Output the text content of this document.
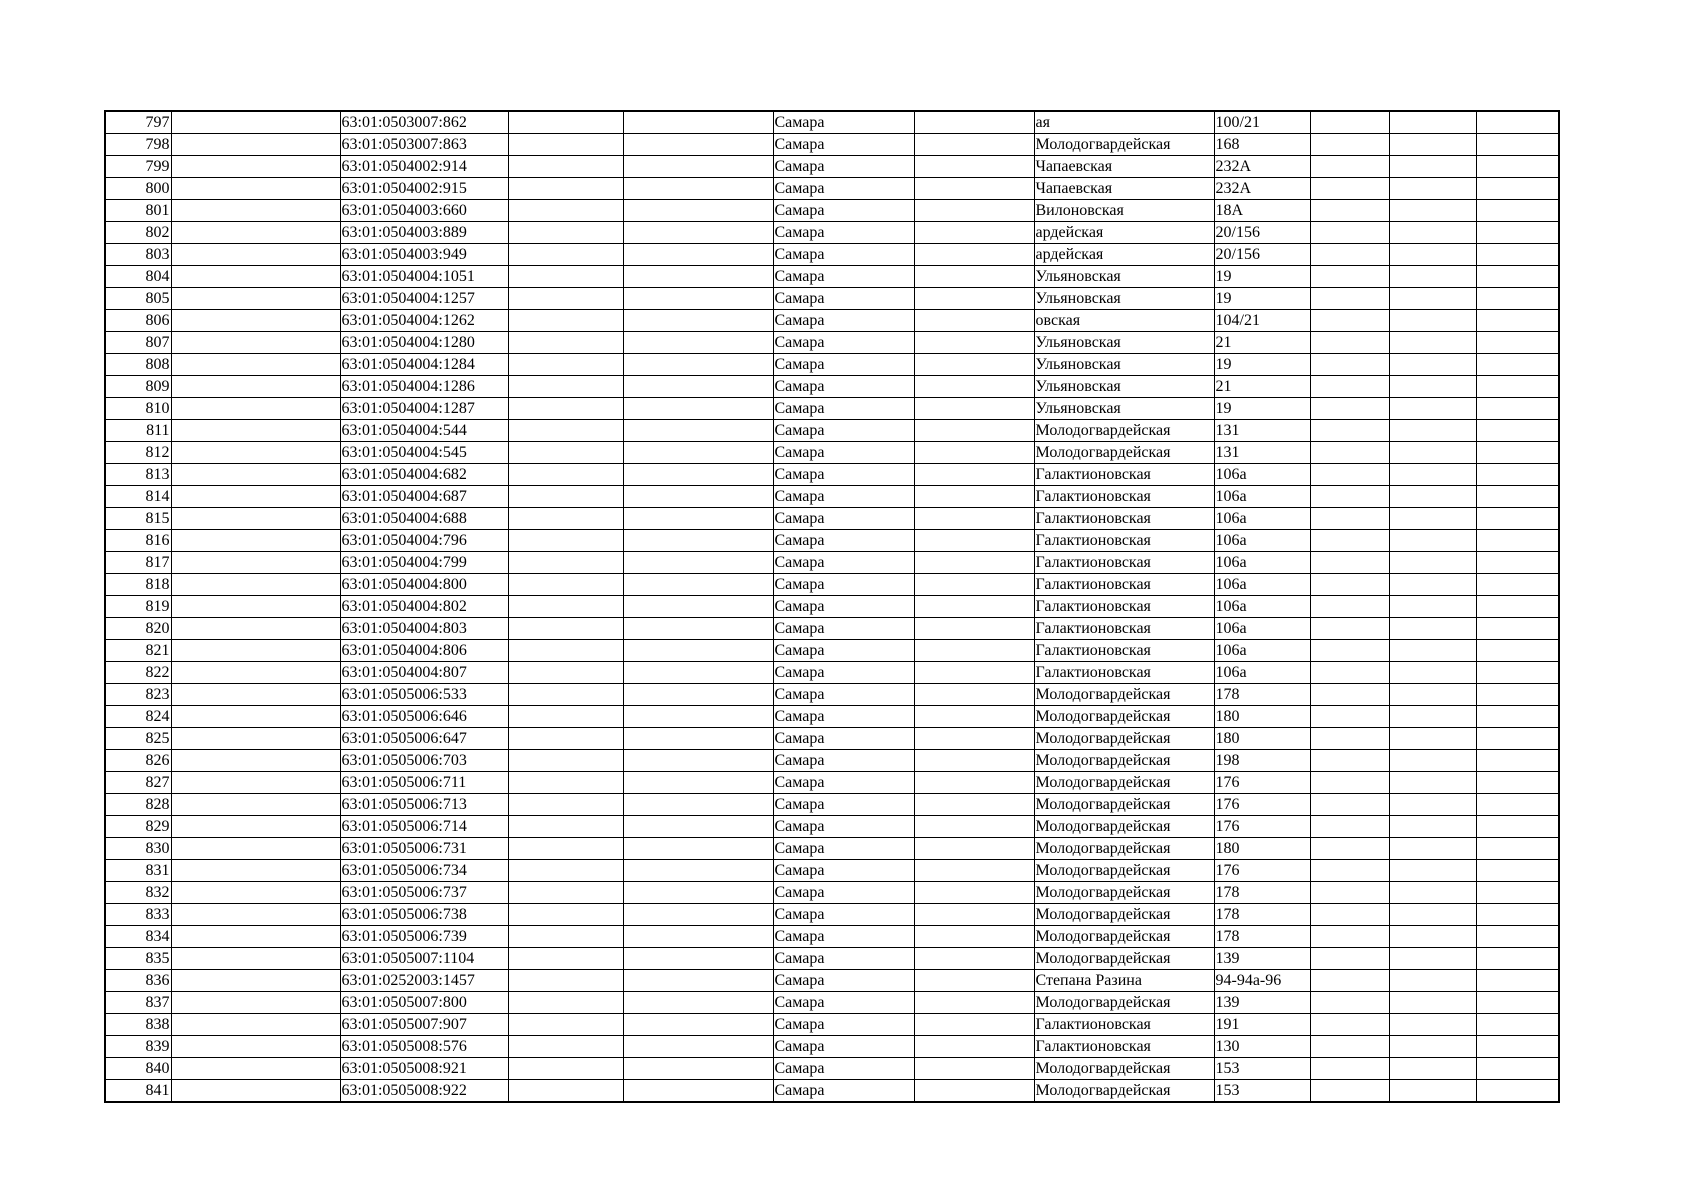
797		63:01:0503007:862			Самара		ая	100/21			
798		63:01:0503007:863			Самара		Молодогвардейская	168			
799		63:01:0504002:914			Самара		Чапаевская	232А			
800		63:01:0504002:915			Самара		Чапаевская	232А			
801		63:01:0504003:660			Самара		Вилоновская	18А			
802		63:01:0504003:889			Самара		ардейская	20/156			
803		63:01:0504003:949			Самара		ардейская	20/156			
804		63:01:0504004:1051			Самара		Ульяновская	19			
805		63:01:0504004:1257			Самара		Ульяновская	19			
806		63:01:0504004:1262			Самара		овская	104/21			
807		63:01:0504004:1280			Самара		Ульяновская	21			
808		63:01:0504004:1284			Самара		Ульяновская	19			
809		63:01:0504004:1286			Самара		Ульяновская	21			
810		63:01:0504004:1287			Самара		Ульяновская	19			
811		63:01:0504004:544			Самара		Молодогвардейская	131			
812		63:01:0504004:545			Самара		Молодогвардейская	131			
813		63:01:0504004:682			Самара		Галактионовская	106а			
814		63:01:0504004:687			Самара		Галактионовская	106а			
815		63:01:0504004:688			Самара		Галактионовская	106а			
816		63:01:0504004:796			Самара		Галактионовская	106а			
817		63:01:0504004:799			Самара		Галактионовская	106а			
818		63:01:0504004:800			Самара		Галактионовская	106а			
819		63:01:0504004:802			Самара		Галактионовская	106а			
820		63:01:0504004:803			Самара		Галактионовская	106а			
821		63:01:0504004:806			Самара		Галактионовская	106а			
822		63:01:0504004:807			Самара		Галактионовская	106а			
823		63:01:0505006:533			Самара		Молодогвардейская	178			
824		63:01:0505006:646			Самара		Молодогвардейская	180			
825		63:01:0505006:647			Самара		Молодогвардейская	180			
826		63:01:0505006:703			Самара		Молодогвардейская	198			
827		63:01:0505006:711			Самара		Молодогвардейская	176			
828		63:01:0505006:713			Самара		Молодогвардейская	176			
829		63:01:0505006:714			Самара		Молодогвардейская	176			
830		63:01:0505006:731			Самара		Молодогвардейская	180			
831		63:01:0505006:734			Самара		Молодогвардейская	176			
832		63:01:0505006:737			Самара		Молодогвардейская	178			
833		63:01:0505006:738			Самара		Молодогвардейская	178			
834		63:01:0505006:739			Самара		Молодогвардейская	178			
835		63:01:0505007:1104			Самара		Молодогвардейская	139			
836		63:01:0252003:1457			Самара		Степана Разина	94-94а-96			
837		63:01:0505007:800			Самара		Молодогвардейская	139			
838		63:01:0505007:907			Самара		Галактионовская	191			
839		63:01:0505008:576			Самара		Галактионовская	130			
840		63:01:0505008:921			Самара		Молодогвардейская	153			
841		63:01:0505008:922			Самара		Молодогвардейская	153			
